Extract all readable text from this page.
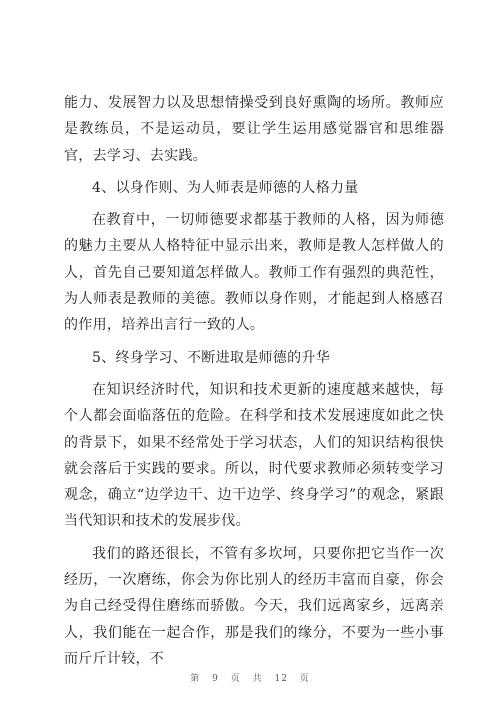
能力、发展智力以及思想情操受到良好熏陶的场所。教师应是教练员，不是运动员，要让学生运用感觉器官和思维器官，去学习、去实践。

4、以身作则、为人师表是师德的人格力量

在教育中，一切师德要求都基于教师的人格，因为师德的魅力主要从人格特征中显示出来，教师是教人怎样做人的人，首先自己要知道怎样做人。教师工作有强烈的典范性，为人师表是教师的美德。教师以身作则，才能起到人格感召的作用，培养出言行一致的人。

5、终身学习、不断进取是师德的升华

在知识经济时代，知识和技术更新的速度越来越快，每个人都会面临落伍的危险。在科学和技术发展速度如此之快的背景下，如果不经常处于学习状态，人们的知识结构很快就会落后于实践的要求。所以，时代要求教师必须转变学习观念，确立“边学边干、边干边学、终身学习”的观念，紧跟当代知识和技术的发展步伐。

我们的路还很长，不管有多坎坷，只要你把它当作一次经历，一次磨练，你会为你比别人的经历丰富而自豪，你会为自己经受得住磨练而骄傲。今天，我们远离家乡，远离亲人，我们能在一起合作，那是我们的缘分，不要为一些小事而斤斤计较，不

第 9 页 共 12 页
